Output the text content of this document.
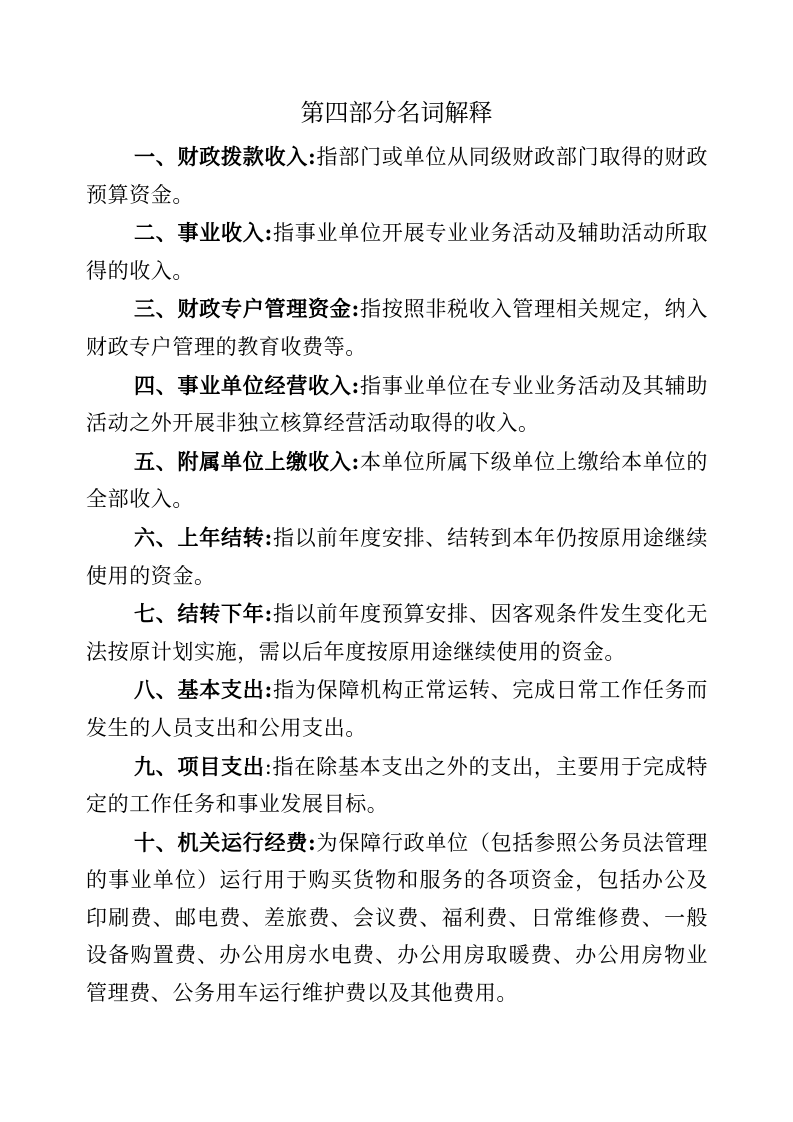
第四部分名词解释

一、财政拨款收入:指部门或单位从同级财政部门取得的财政预算资金。

二、事业收入:指事业单位开展专业业务活动及辅助活动所取得的收入。

三、财政专户管理资金:指按照非税收入管理相关规定，纳入财政专户管理的教育收费等。

四、事业单位经营收入:指事业单位在专业业务活动及其辅助活动之外开展非独立核算经营活动取得的收入。

五、附属单位上缴收入:本单位所属下级单位上缴给本单位的全部收入。

六、上年结转:指以前年度安排、结转到本年仍按原用途继续使用的资金。

七、结转下年:指以前年度预算安排、因客观条件发生变化无法按原计划实施，需以后年度按原用途继续使用的资金。

八、基本支出:指为保障机构正常运转、完成日常工作任务而发生的人员支出和公用支出。

九、项目支出:指在除基本支出之外的支出，主要用于完成特定的工作任务和事业发展目标。

十、机关运行经费:为保障行政单位（包括参照公务员法管理的事业单位）运行用于购买货物和服务的各项资金，包括办公及印刷费、邮电费、差旅费、会议费、福利费、日常维修费、一般设备购置费、办公用房水电费、办公用房取暖费、办公用房物业管理费、公务用车运行维护费以及其他费用。
